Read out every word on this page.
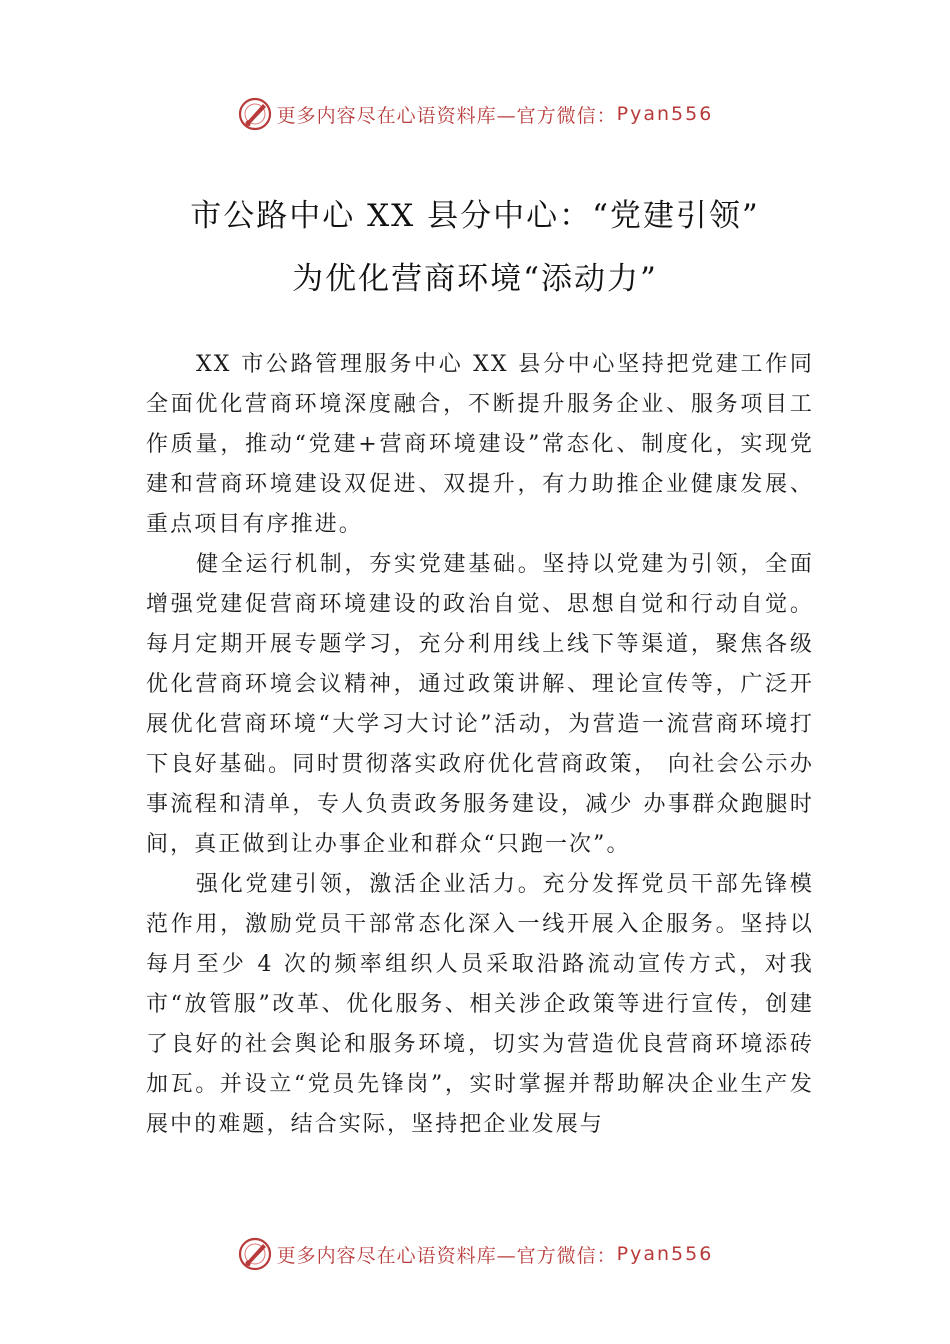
更多内容尽在心语资料库—官方微信： Pyan556
市公路中心 XX 县分中心：“党建引领”
为优化营商环境“添动力”

XX 市公路管理服务中心 XX 县分中心坚持把党建工作同全面优化营商环境深度融合，不断提升服务企业、服务项目工作质量，推动“党建+营商环境建设”常态化、制度化，实现党建和营商环境建设双促进、双提升，有力助推企业健康发展、重点项目有序推进。

健全运行机制，夯实党建基础。坚持以党建为引领，全面增强党建促营商环境建设的政治自觉、思想自觉和行动自觉。每月定期开展专题学习，充分利用线上线下等渠道，聚焦各级优化营商环境会议精神，通过政策讲解、理论宣传等，广泛开展优化营商环境“大学习大讨论”活动，为营造一流营商环境打下良好基础。同时贯彻落实政府优化营商政策， 向社会公示办事流程和清单，专人负责政务服务建设，减少 办事群众跑腿时间，真正做到让办事企业和群众“只跑一次”。

强化党建引领，激活企业活力。充分发挥党员干部先锋模范作用，激励党员干部常态化深入一线开展入企服务。坚持以每月至少 4 次的频率组织人员采取沿路流动宣传方式，对我市“放管服”改革、优化服务、相关涉企政策等进行宣传，创建了良好的社会舆论和服务环境，切实为营造优良营商环境添砖加瓦。并设立“党员先锋岗”，实时掌握并帮助解决企业生产发展中的难题，结合实际，坚持把企业发展与

更多内容尽在心语资料库—官方微信： Pyan556
